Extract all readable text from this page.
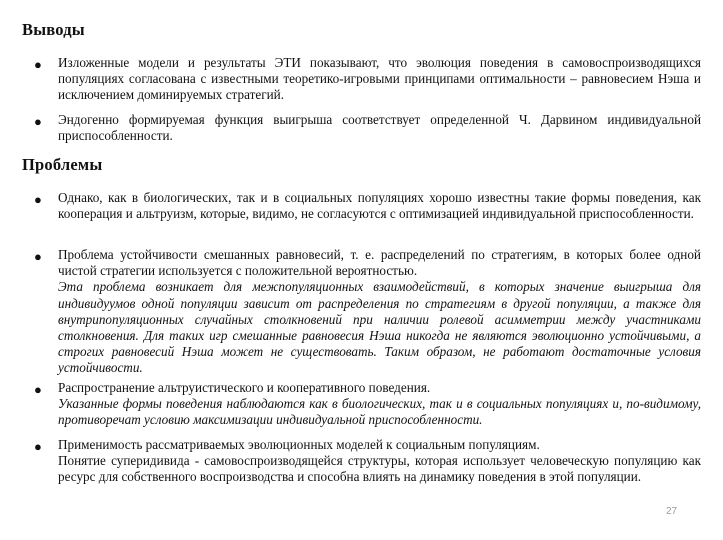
Выводы
● Изложенные модели и результаты ЭТИ показывают, что эволюция поведения в самовоспроизводящихся популяциях согласована с известными теоретико-игровыми принципами оптимальности – равновесием Нэша и исключением доминируемых стратегий.

● Эндогенно формируемая функция выигрыша соответствует определенной Ч. Дарвином индивидуальной приспособленности.

Проблемы
● Однако, как в биологических, так и в социальных популяциях хорошо известны такие формы поведения, как кооперация и альтруизм, которые, видимо, не согласуются с оптимизацией индивидуальной приспособленности.

● Проблема устойчивости смешанных равновесий, т. е. распределений по стратегиям, в которых более одной чистой стратегии используется с положительной вероятностью.
Эта проблема возникает для межпопуляционных взаимодействий, в которых значение выигрыша для индивидуумов одной популяции зависит от распределения по стратегиям в другой популяции, а также для внутрипопуляционных случайных столкновений при наличии ролевой асимметрии между участниками столкновения. Для таких игр смешанные равновесия Нэша никогда не являются эволюционно устойчивыми, а строгих равновесий Нэша может не существовать. Таким образом, не работают достаточные условия устойчивости.

● Распространение альтруистического и кооперативного поведения.
Указанные формы поведения наблюдаются как в биологических, так и в социальных популяциях и, по-видимому, противоречат условию максимизации индивидуальной приспособленности.

● Применимость рассматриваемых эволюционных моделей к социальным популяциям.
Понятие суперидивида - самовоспроизводящейся структуры, которая использует человеческую популяцию как ресурс для собственного воспроизводства и способна влиять на динамику поведения в этой популяции.

27
